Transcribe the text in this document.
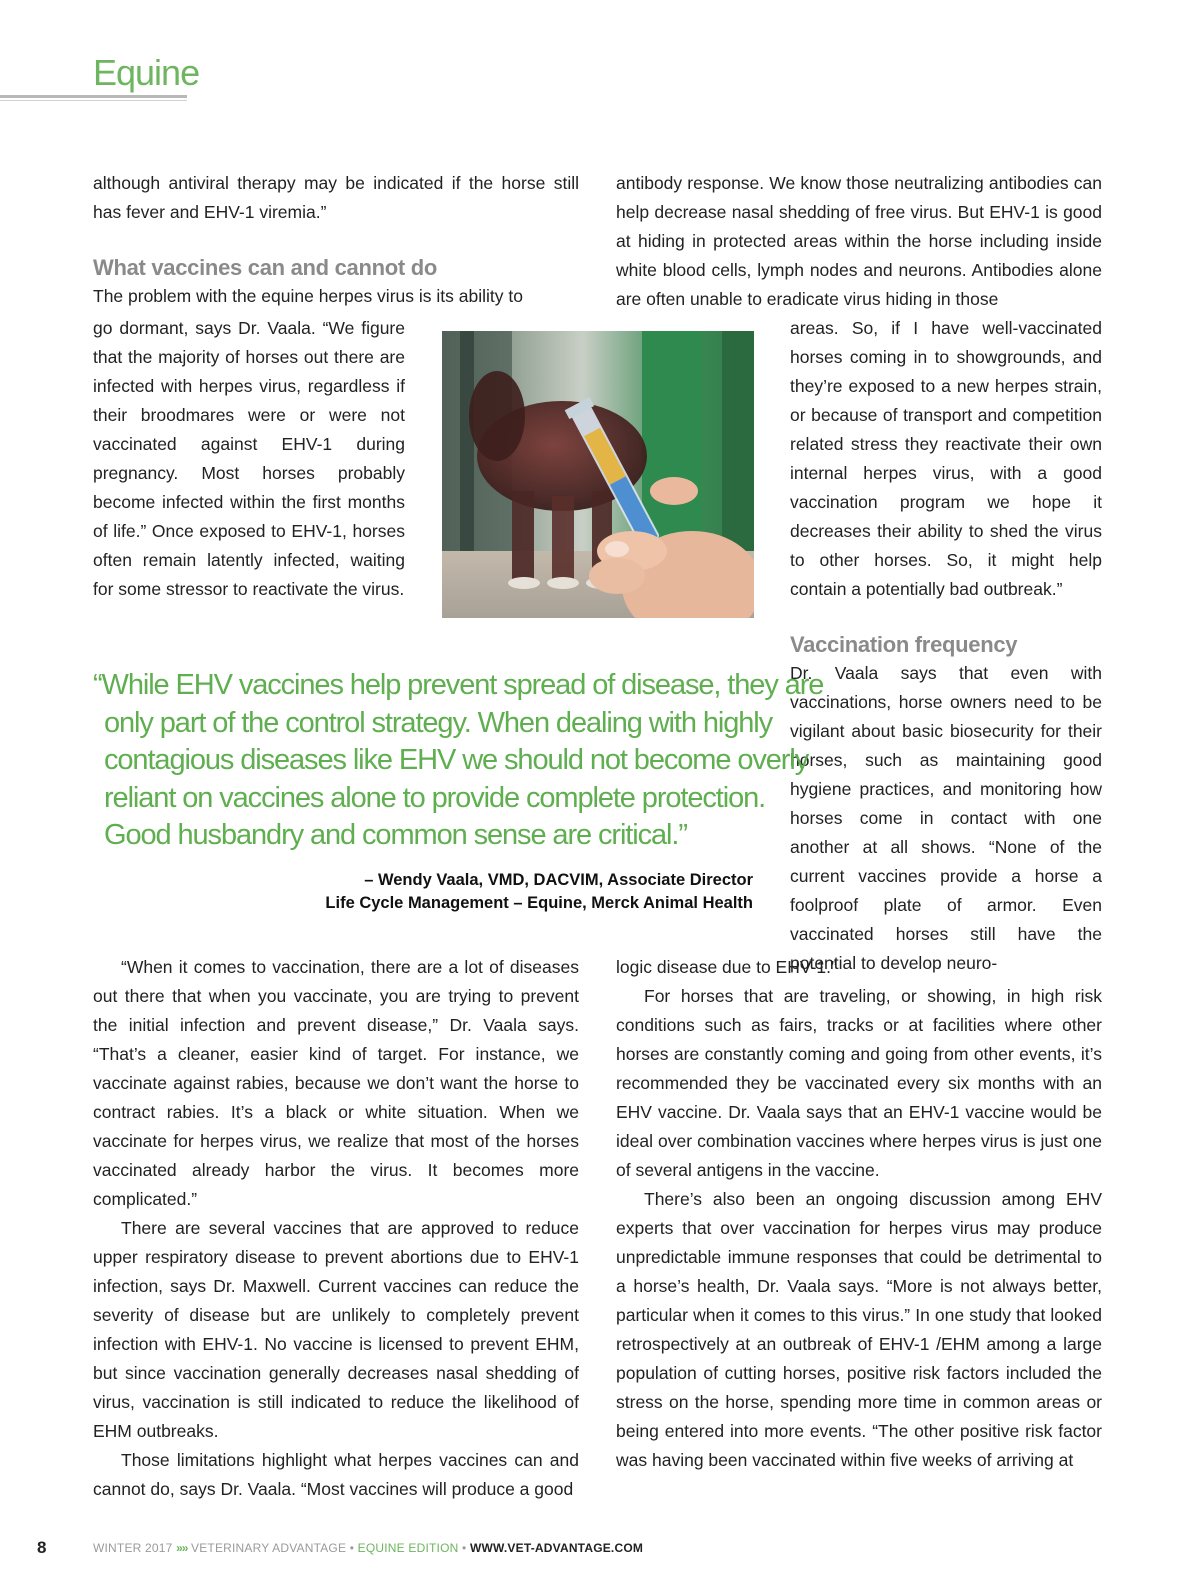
Equine

although antiviral therapy may be indicated if the horse still has fever and EHV-1 viremia.”

What vaccines can and cannot do

The problem with the equine herpes virus is its ability to

go dormant, says Dr. Vaala. “We figure that the majority of horses out there are infected with herpes virus, regardless if their broodmares were or were not vaccinated against EHV-1 during pregnancy. Most horses probably become infected within the first months of life.” Once exposed to EHV-1, horses often remain latently infected, waiting for some stressor to reactivate the virus.

antibody response. We know those neutralizing antibodies can help decrease nasal shedding of free virus. But EHV-1 is good at hiding in protected areas within the horse including inside white blood cells, lymph nodes and neurons. Antibodies alone are often unable to eradicate virus hiding in those

areas. So, if I have well-vaccinated horses coming in to showgrounds, and they’re exposed to a new herpes strain, or because of transport and competition related stress they reactivate their own internal herpes virus, with a good vaccination program we hope it decreases their ability to shed the virus to other horses. So, it might help contain a potentially bad outbreak.”

Vaccination frequency

Dr. Vaala says that even with vaccinations, horse owners need to be vigilant about basic biosecurity for their horses, such as maintaining good hygiene practices, and monitoring how horses come in contact with one another at all shows. “None of the current vaccines provide a horse a foolproof plate of armor. Even vaccinated horses still have the potential to develop neuro-

logic disease due to EHV-1.”

“While EHV vaccines help prevent spread of disease, they are
only part of the control strategy. When dealing with highly
contagious diseases like EHV we should not become overly
reliant on vaccines alone to provide complete protection.
Good husbandry and common sense are critical.”
– Wendy Vaala, VMD, DACVIM, Associate Director
Life Cycle Management – Equine, Merck Animal Health

“When it comes to vaccination, there are a lot of diseases out there that when you vaccinate, you are trying to prevent the initial infection and prevent disease,” Dr. Vaala says. “That’s a cleaner, easier kind of target. For instance, we vaccinate against rabies, because we don’t want the horse to contract rabies. It’s a black or white situation. When we vaccinate for herpes virus, we realize that most of the horses vaccinated already harbor the virus. It becomes more complicated.”

There are several vaccines that are approved to reduce upper respiratory disease to prevent abortions due to EHV-1 infection, says Dr. Maxwell. Current vaccines can reduce the severity of disease but are unlikely to completely prevent infection with EHV-1. No vaccine is licensed to prevent EHM, but since vaccination generally decreases nasal shedding of virus, vaccination is still indicated to reduce the likelihood of EHM outbreaks.

Those limitations highlight what herpes vaccines can and cannot do, says Dr. Vaala. “Most vaccines will produce a good

For horses that are traveling, or showing, in high risk conditions such as fairs, tracks or at facilities where other horses are constantly coming and going from other events, it’s recommended they be vaccinated every six months with an EHV vaccine. Dr. Vaala says that an EHV-1 vaccine would be ideal over combination vaccines where herpes virus is just one of several antigens in the vaccine.

There’s also been an ongoing discussion among EHV experts that over vaccination for herpes virus may produce unpredictable immune responses that could be detrimental to a horse’s health, Dr. Vaala says. “More is not always better, particular when it comes to this virus.” In one study that looked retrospectively at an outbreak of EHV-1 /EHM among a large population of cutting horses, positive risk factors included the stress on the horse, spending more time in common areas or being entered into more events. “The other positive risk factor was having been vaccinated within five weeks of arriving at

8	WINTER 2017 »» VETERINARY ADVANTAGE • EQUINE EDITION • WWW.VET-ADVANTAGE.COM
